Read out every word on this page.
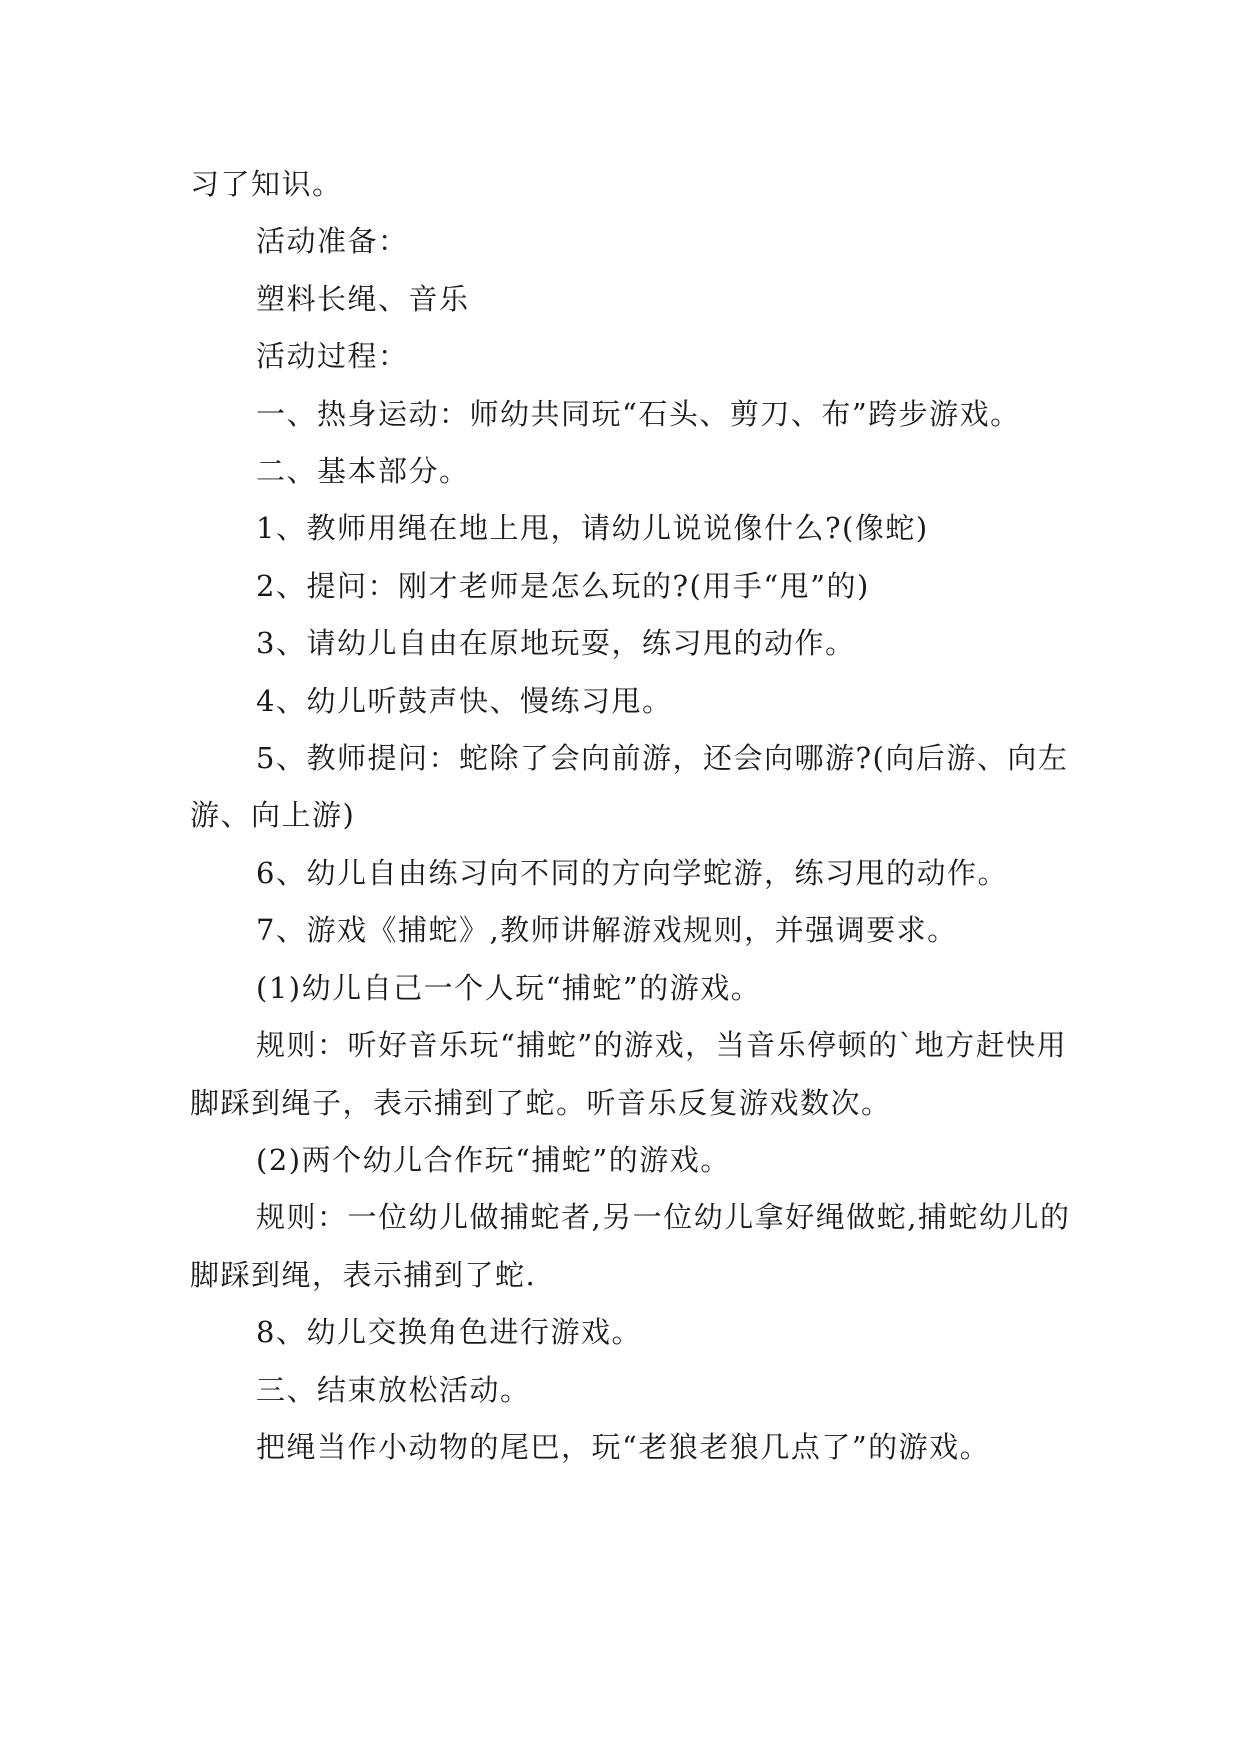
习了知识。

活动准备：

塑料长绳、音乐

活动过程：

一、热身运动：师幼共同玩“石头、剪刀、布”跨步游戏。

二、基本部分。

1、教师用绳在地上甩，请幼儿说说像什么?(像蛇)

2、提问：刚才老师是怎么玩的?(用手“甩”的)

3、请幼儿自由在原地玩耍，练习甩的动作。

4、幼儿听鼓声快、慢练习甩。

5、教师提问：蛇除了会向前游，还会向哪游?(向后游、向左游、向上游)

6、幼儿自由练习向不同的方向学蛇游，练习甩的动作。

7、游戏《捕蛇》,教师讲解游戏规则，并强调要求。

(1)幼儿自己一个人玩“捕蛇”的游戏。

规则：听好音乐玩“捕蛇”的游戏，当音乐停顿的`地方赶快用脚踩到绳子，表示捕到了蛇。听音乐反复游戏数次。

(2)两个幼儿合作玩“捕蛇”的游戏。

规则：一位幼儿做捕蛇者,另一位幼儿拿好绳做蛇,捕蛇幼儿的脚踩到绳，表示捕到了蛇.

8、幼儿交换角色进行游戏。

三、结束放松活动。

把绳当作小动物的尾巴，玩“老狼老狼几点了”的游戏。
